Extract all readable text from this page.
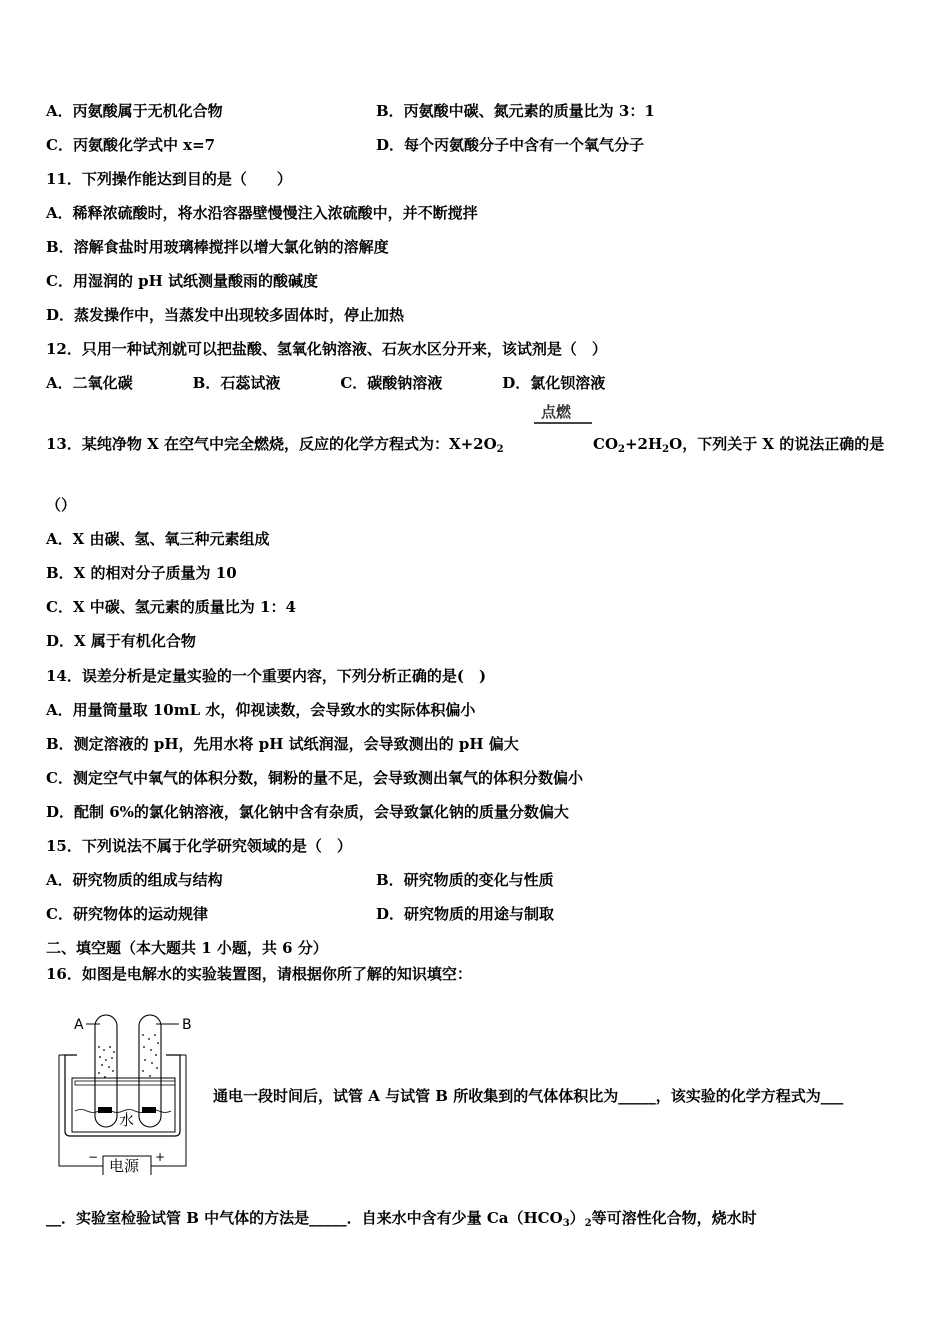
A．丙氨酸属于无机化合物	B．丙氨酸中碳、氮元素的质量比为 3：1
C．丙氨酸化学式中 x=7	D．每个丙氨酸分子中含有一个氧气分子
11．下列操作能达到目的是（　　）
A．稀释浓硫酸时，将水沿容器壁慢慢注入浓硫酸中，并不断搅拌
B．溶解食盐时用玻璃棒搅拌以增大氯化钠的溶解度
C．用湿润的 pH 试纸测量酸雨的酸碱度
D．蒸发操作中，当蒸发中出现较多固体时，停止加热
12．只用一种试剂就可以把盐酸、氢氧化钠溶液、石灰水区分开来，该试剂是（　）
A．二氧化碳　　　　B．石蕊试液　　　　C．碳酸钠溶液　　　　D．氯化钡溶液
13．某纯净物 X 在空气中完全燃烧，反应的化学方程式为：$X+2O_2$
点燃
$CO_2+2H_2O$，下列关于 X 的说法正确的是
（）
A．X 由碳、氢、氧三种元素组成
B．X 的相对分子质量为 10
C．X 中碳、氢元素的质量比为 1：4
D．X 属于有机化合物
14．误差分析是定量实验的一个重要内容，下列分析正确的是(　)
A．用量筒量取 10mL 水，仰视读数，会导致水的实际体积偏小
B．测定溶液的 pH，先用水将 pH 试纸润湿，会导致测出的 pH 偏大
C．测定空气中氧气的体积分数，铜粉的量不足，会导致测出氧气的体积分数偏小
D．配制 6%的氯化钠溶液，氯化钠中含有杂质，会导致氯化钠的质量分数偏大
15．下列说法不属于化学研究领域的是（　）
A．研究物质的组成与结构	B．研究物质的变化与性质
C．研究物体的运动规律	D．研究物质的用途与制取
二、填空题（本大题共 1 小题，共 6 分）
16．如图是电解水的实验装置图，请根据你所了解的知识填空：
水
A	B
电源
−	+
通电一段时间后，试管 A 与试管 B 所收集到的气体体积比为_____，该实验的化学方程式为___
__．实验室检验试管 B 中气体的方法是_____．自来水中含有少量 $Ca(HCO_3)_2$等可溶性化合物，烧水时
